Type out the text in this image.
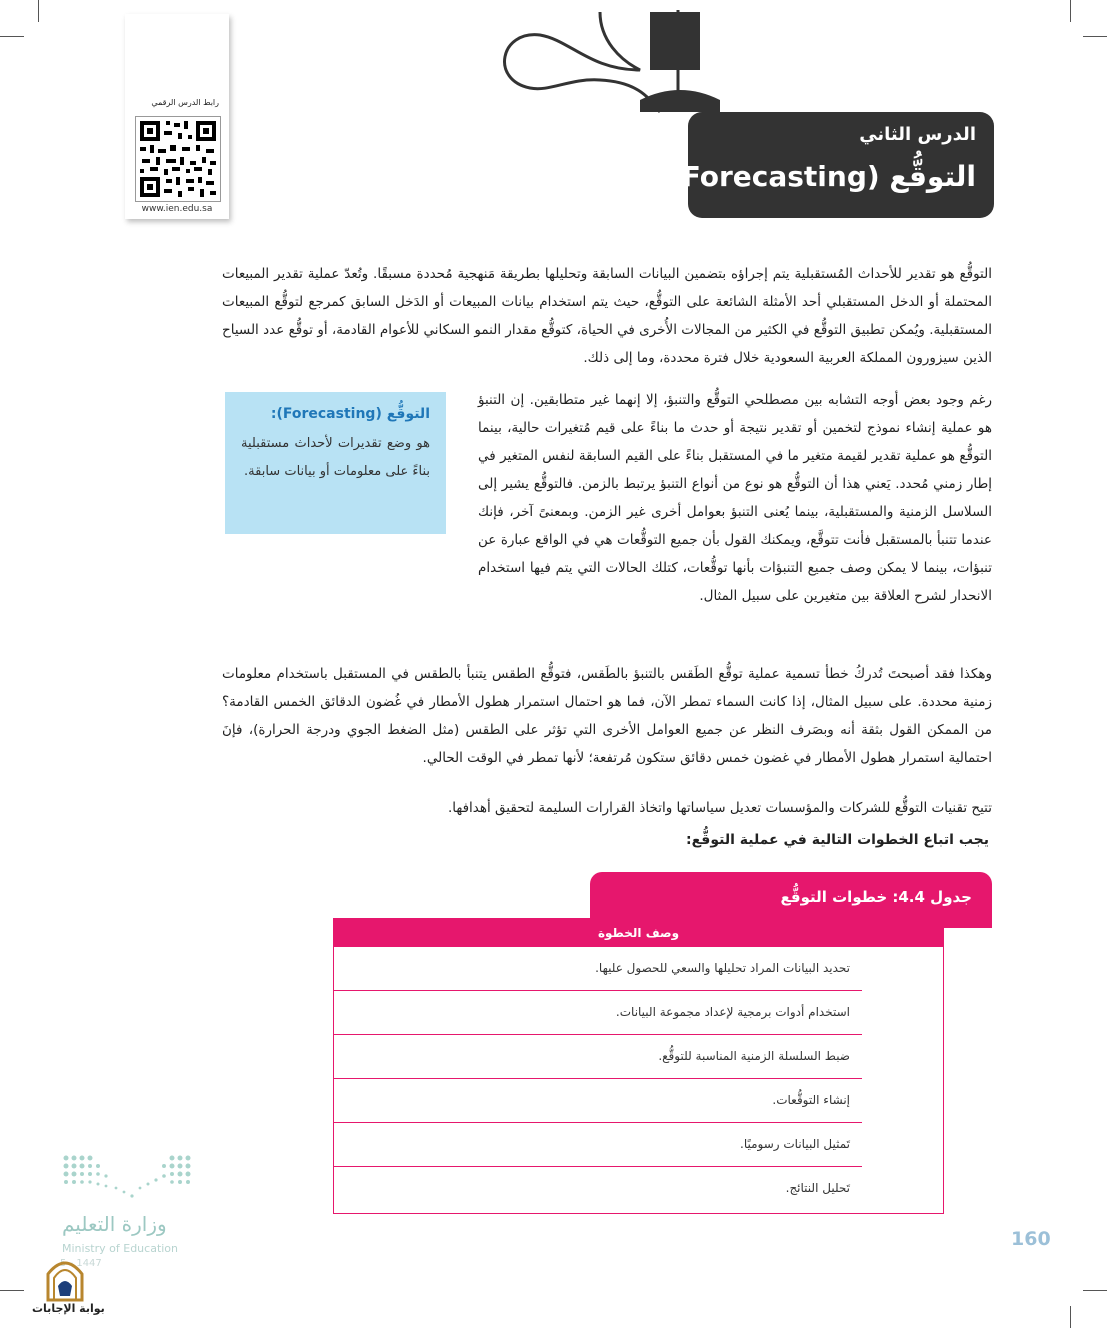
رابط الدرس الرقمي
www.ien.edu.sa
الدرس الثاني
التوقُّع (Forecasting)

التوقُّع هو تقدير للأحداث المُستقبلية يتم إجراؤه بتضمين البيانات السابقة وتحليلها بطريقة مَنهجية مُحددة مسبقًا. وتُعدّ عملية تقدير المبيعات المحتملة أو الدخل المستقبلي أحد الأمثلة الشائعة على التوقُّع، حيث يتم استخدام بيانات المبيعات أو الدَخل السابق كمرجع لتوقُّع المبيعات المستقبلية. ويُمكن تطبيق التوقُّع في الكثير من المجالات الأُخرى في الحياة، كتوقُّع مقدار النمو السكاني للأعوام القادمة، أو توقُّع عدد السياح الذين سيزورون المملكة العربية السعودية خلال فترة محددة، وما إلى ذلك.

رغم وجود بعض أوجه التشابه بين مصطلحي التوقُّع والتنبؤ، إلا إنهما غير متطابقين. إن التنبؤ هو عملية إنشاء نموذج لتخمين أو تقدير نتيجة أو حدث ما بناءً على قيم مُتغيرات حالية، بينما التوقُّع هو عملية تقدير لقيمة متغير ما في المستقبل بناءً على القيم السابقة لنفس المتغير في إطار زمني مُحدد. يَعني هذا أن التوقُّع هو نوع من أنواع التنبؤ يرتبط بالزمن. فالتوقُّع يشير إلى السلاسل الزمنية والمستقبلية، بينما يُعنى التنبؤ بعوامل أخرى غير الزمن. وبمعنىً آخر، فإنك عندما تتنبأ بالمستقبل فأنت تتوقَّع، ويمكنك القول بأن جميع التوقُّعات هي في الواقع عبارة عن تنبؤات، بينما لا يمكن وصف جميع التنبؤات بأنها توقُّعات، كتلك الحالات التي يتم فيها استخدام الانحدار لشرح العلاقة بين متغيرين على سبيل المثال.

التوقُّع (Forecasting):
هو وضع تقديرات لأحداث مستقبلية بناءً على معلومات أو بيانات سابقة.

وهكذا فقد أصبحتَ تُدركُ خطأ تسمية عملية توقُّع الطَقس بالتنبؤ بالطَقس، فتوقُّع الطقس يتنبأ بالطقس في المستقبل باستخدام معلومات زمنية محددة. على سبيل المثال، إذا كانت السماء تمطر الآن، فما هو احتمال استمرار هطول الأمطار في غُضون الدقائق الخمس القادمة؟ من الممكن القول بثقة أنه وبصَرف النظر عن جميع العوامل الأخرى التي تؤثر على الطقس (مثل الضغط الجوي ودرجة الحرارة)، فإنَ احتمالية استمرار هطول الأمطار في غضون خمس دقائق ستكون مُرتفعة؛ لأنها تمطر في الوقت الحالي.

تتيح تقنيات التوقُّع للشركات والمؤسسات تعديل سياساتها واتخاذ القرارات السليمة لتحقيق أهدافها.

يجب اتباع الخطوات التالية في عملية التوقُّع:
جدول 4.4: خطوات التوقُّع
وصف الخطوة
تحديد البيانات المراد تحليلها والسعي للحصول عليها. خطوة 1
استخدام أدوات برمجية لإعداد مجموعة البيانات. خطوة 2
ضبط السلسلة الزمنية المناسبة للتوقُّع. خطوة 3
إنشاء التوقُّعات. خطوة 4
تَمثيل البيانات رسوميًا. خطوة 5
تَحليل النتائج. خطوة 6
160
وزارة التعليم
Ministry of Education
5 - 1447
بوابة الإجابات
